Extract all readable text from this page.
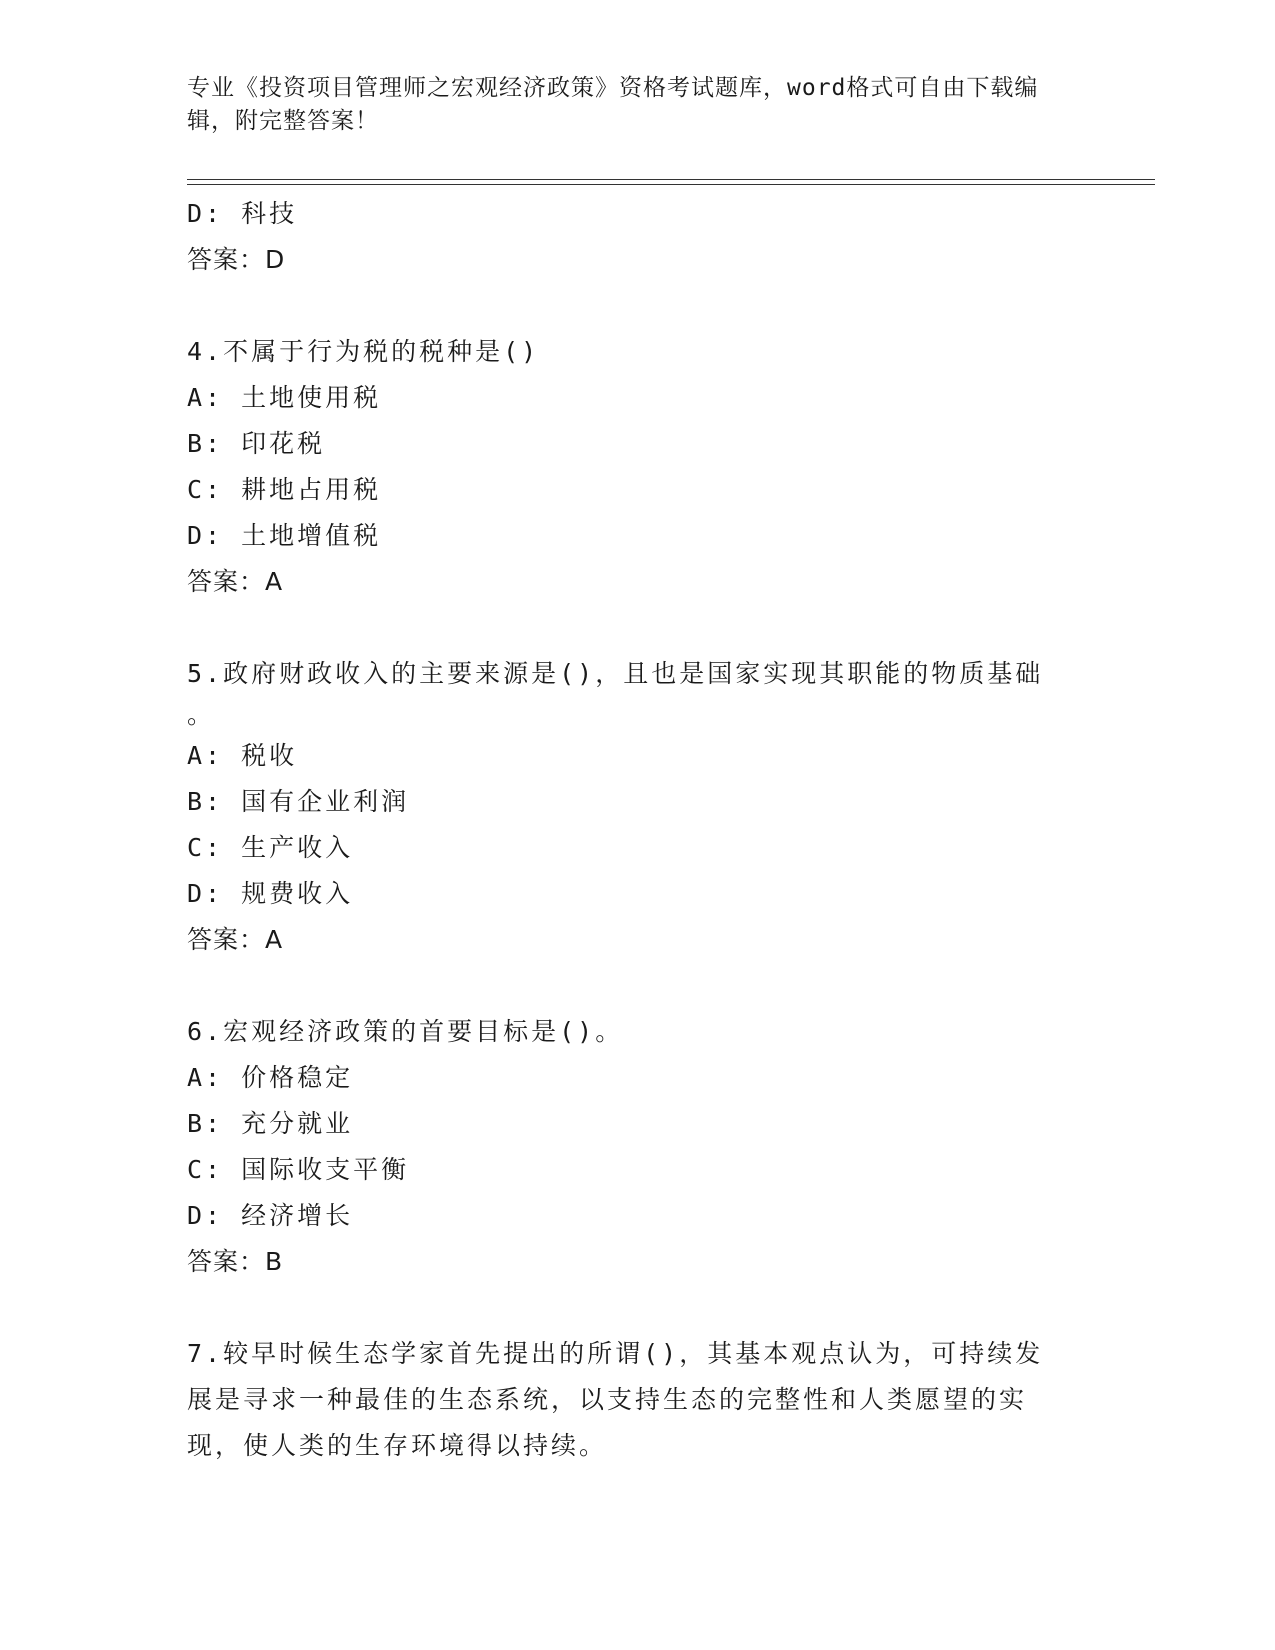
专业《投资项目管理师之宏观经济政策》资格考试题库，word格式可自由下载编
辑，附完整答案！
D: 科技
答案：D
4.不属于行为税的税种是()
A: 土地使用税
B: 印花税
C: 耕地占用税
D: 土地增值税
答案：A
5.政府财政收入的主要来源是()，且也是国家实现其职能的物质基础
。
A: 税收
B: 国有企业利润
C: 生产收入
D: 规费收入
答案：A
6.宏观经济政策的首要目标是()。
A: 价格稳定
B: 充分就业
C: 国际收支平衡
D: 经济增长
答案：B
7.较早时候生态学家首先提出的所谓()，其基本观点认为，可持续发
展是寻求一种最佳的生态系统，以支持生态的完整性和人类愿望的实
现，使人类的生存环境得以持续。
